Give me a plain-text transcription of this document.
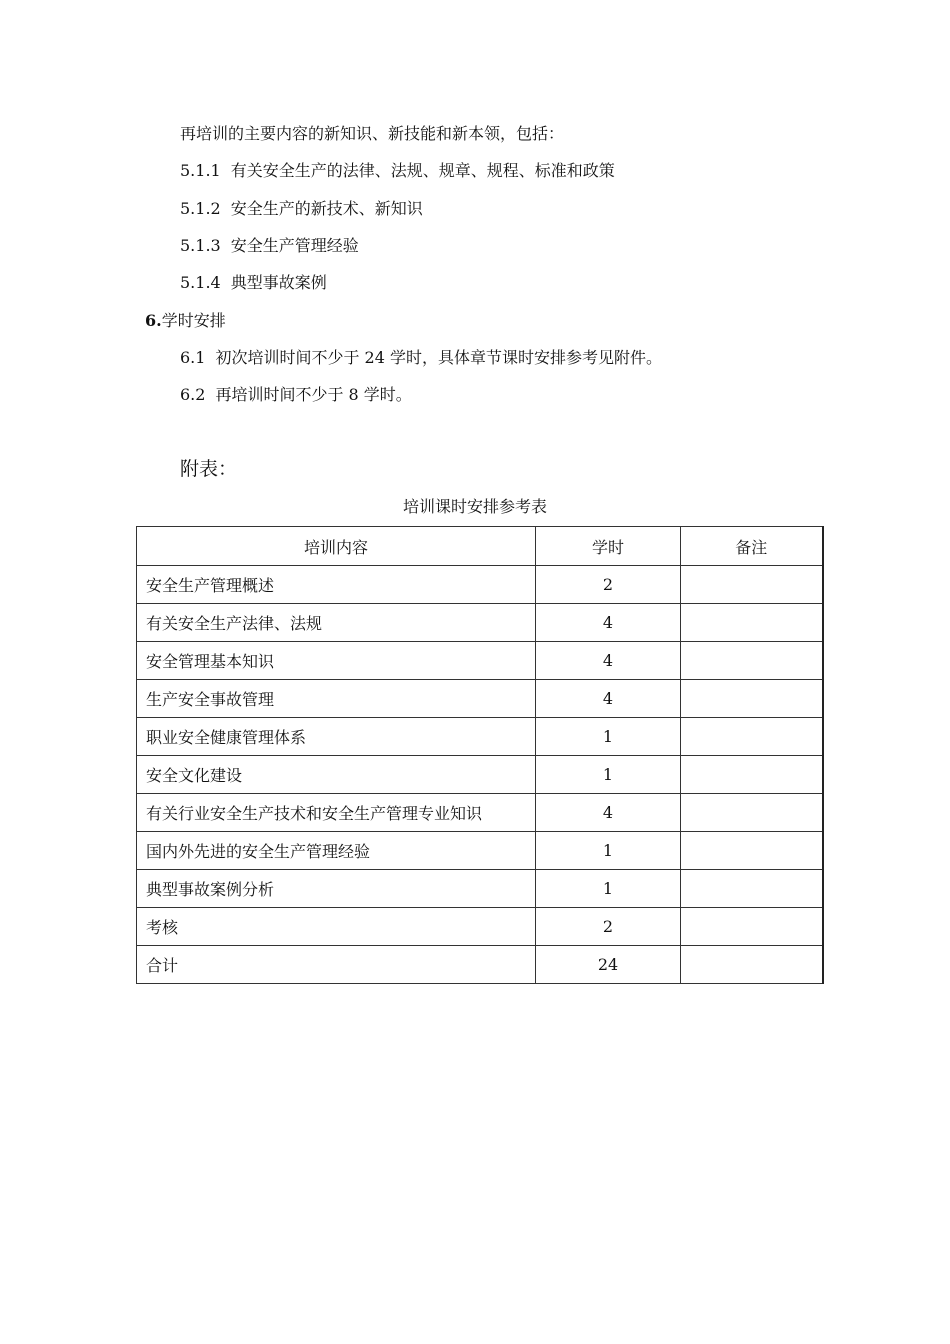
再培训的主要内容的新知识、新技能和新本领，包括：
5.1.1 有关安全生产的法律、法规、规章、规程、标准和政策
5.1.2 安全生产的新技术、新知识
5.1.3 安全生产管理经验
5.1.4 典型事故案例
6.学时安排
6.1 初次培训时间不少于 24 学时，具体章节课时安排参考见附件。
6.2 再培训时间不少于 8 学时。
附表：
培训课时安排参考表
培训内容	学时	备注
安全生产管理概述	2	
有关安全生产法律、法规	4	
安全管理基本知识	4	
生产安全事故管理	4	
职业安全健康管理体系	1	
安全文化建设	1	
有关行业安全生产技术和安全生产管理专业知识	4	
国内外先进的安全生产管理经验	1	
典型事故案例分析	1	
考核	2	
合计	24	
